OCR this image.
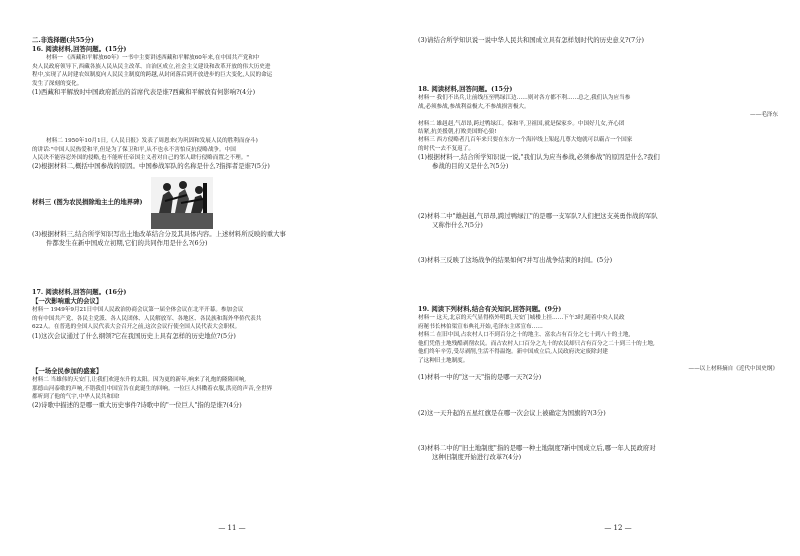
二.非选择题(共55分)
16. 阅读材料,回答问题。(15分)
材料一 《西藏和平解放60年》一书中主要讲述西藏和平解放60年来,在中国共产党和中
央人民政府领导下,西藏各族人民从民主改革、自治区成立,社会主义建设和改革开放的伟大历史进
程中,实现了从封建农奴制度向人民民主制度的跨越,从封闭落后到开放进步的巨大变化,人民的命运
发生了深刻的变化。
(1)西藏和平解放时中国政府派出的首席代表是谁?西藏和平解放有何影响?(4分)
材料二 1950年10月1日,《人民日报》发表了周恩来(为巩固和发展人民的胜利而奋斗)
的讲话:"中国人民热爱和平,但是为了保卫和平,从不也永不害怕反抗侵略战争。中国
人民决不能容忍外国的侵略,也不能听任帝国主义者对自己的邻人肆行侵略而置之不理。"
(2)根据材料二,概括中国参战的原因。中国参战军队的名称是什么?指挥者是谁?(5分)
材料三 (图为农民捐除地主土的地界碑)
(3)根据材料三,结合所学知识写出土地改革结合分及其具体内容。上述材料所反映的重大事
件都发生在新中国成立初期,它们的共同作用是什么?(6分)
17. 阅读材料,回答问题。(16分)
【一次影响重大的会议】
材料一 1949年9月21日中国人民政治协商会议第一届全体会议在北平开幕。参加会议
的有中国共产党、各民主党派、各人民团体、人民解放军、各地区、各民族和海外华侨代表共
622人。在普选的全国人民代表大会召开之前,这次会议行使全国人民代表大会职权。
(1)这次会议通过了什么纲领?它在我国历史上具有怎样的历史地位?(5分)
【一场全民参加的盛宴】
材料二 当雄伟的天安门,让我们欢迎东升的太阳。因为更的新年,响来了礼炮的隆隆回响,
那德山河泰歌的声响,不错我们中国宣告在此诞生的回响。一位巨人抖擞着衣服,洪亮的声音,全世界
都听到了他的气宇,中华人民共和国!
(2)诗歌中描述的是哪一重大历史事件?诗歌中的"一位巨人"指的是谁?(4分)
— 11 —
(3)请结合所学知识说一说中华人民共和国成立具有怎样划时代的历史意义?(7分)
18. 阅读材料,回答问题。(15分)
材料一 我们不出兵,让前线压至鸭绿江边……则对各方都不利……总之,我们认为应当参
战,必须参战,参战利益极大,不参战损害极大。
——毛泽东
材料二 雄赳赳,气昂昂,跨过鸭绿江。保和平,卫祖国,就是保家乡。中国好儿女,齐心团
结紧,抗美援朝,打败美国野心狼!
材料三 西方侵略者几百年来只要在东方一个海岸线上架起几尊大炮就可以霸占一个国家
的时代一去不复返了。
(1)根据材料一,结合所学知识说一说,"我们认为应当参战,必须参战"的原因是什么?我们
参战的目的又是什么?(5分)
(2)材料二中"雄赳赳,气昂昂,跨过鸭绿江"的是哪一支军队?人们把这支英勇作战的军队
又称作什么?(5分)
(3)材料三反映了这场战争的结果如何?并写出战争结束的时间。(5分)
19. 阅读下列材料,结合有关知识,回答问题。(9分)
材料一 这天,北京的天气显得格外明朗,天安门城楼上挂……下午3时,随着中央人民政
府秘书长林伯渠宣布典礼开始,毛泽东主席宣布……
材料二 在旧中国,占农村人口不到百分之十的地主、富农占有百分之七十到八十的土地,
他们凭借土地残酷剥削农民。而占农村人口百分之九十的农民却只占有百分之二十到三十的土地,
他们终年辛劳,受尽剥削,生活不得温饱。新中国成立后,人民政府决定废除封建
了这种旧土地制度。
——以上材料摘自《近代中国史纲》
(1)材料一中的"这一天"指的是哪一天?(2分)
(2)这一天升起的五星红旗是在哪一次会议上被确定为国旗的?(3分)
(3)材料二中的"旧土地制度"指的是哪一种土地制度?新中国成立后,哪一年人民政府对
这种旧制度开始进行改革?(4分)
— 12 —
